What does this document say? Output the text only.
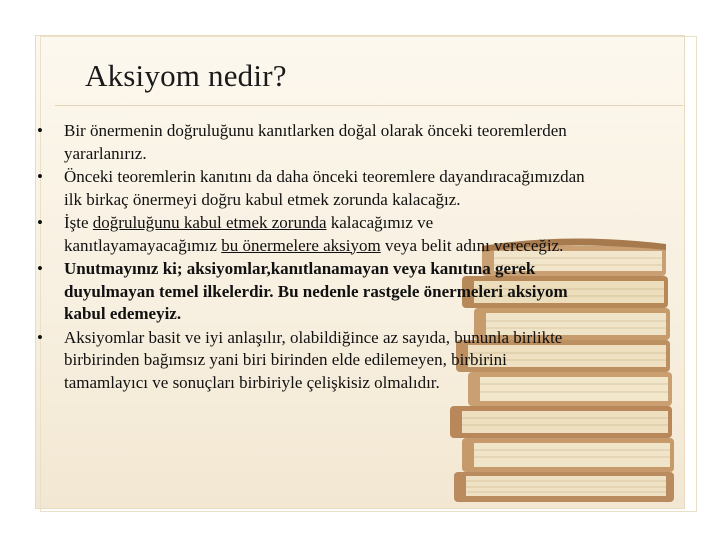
Aksiyom nedir?
•	Bir önermenin doğruluğunu kanıtlarken doğal olarak önceki teoremlerden yararlanırız.
•	Önceki teoremlerin kanıtını da daha önceki teoremlere dayandıracağımızdan ilk birkaç önermeyi doğru kabul etmek zorunda kalacağız.
•	İşte doğruluğunu kabul etmek zorunda kalacağımız ve kanıtlayamayacağımız bu önermelere aksiyom veya belit adını vereceğiz.
•	Unutmayınız ki; aksiyomlar,kanıtlanamayan veya kanıtına gerek duyulmayan temel ilkelerdir. Bu nedenle rastgele önermeleri aksiyom kabul edemeyiz.
•	Aksiyomlar basit ve iyi anlaşılır, olabildiğince az sayıda, bununla birlikte birbirinden bağımsız yani biri birinden elde edilemeyen, birbirini tamamlayıcı ve sonuçları birbiriyle çelişkisiz olmalıdır.
